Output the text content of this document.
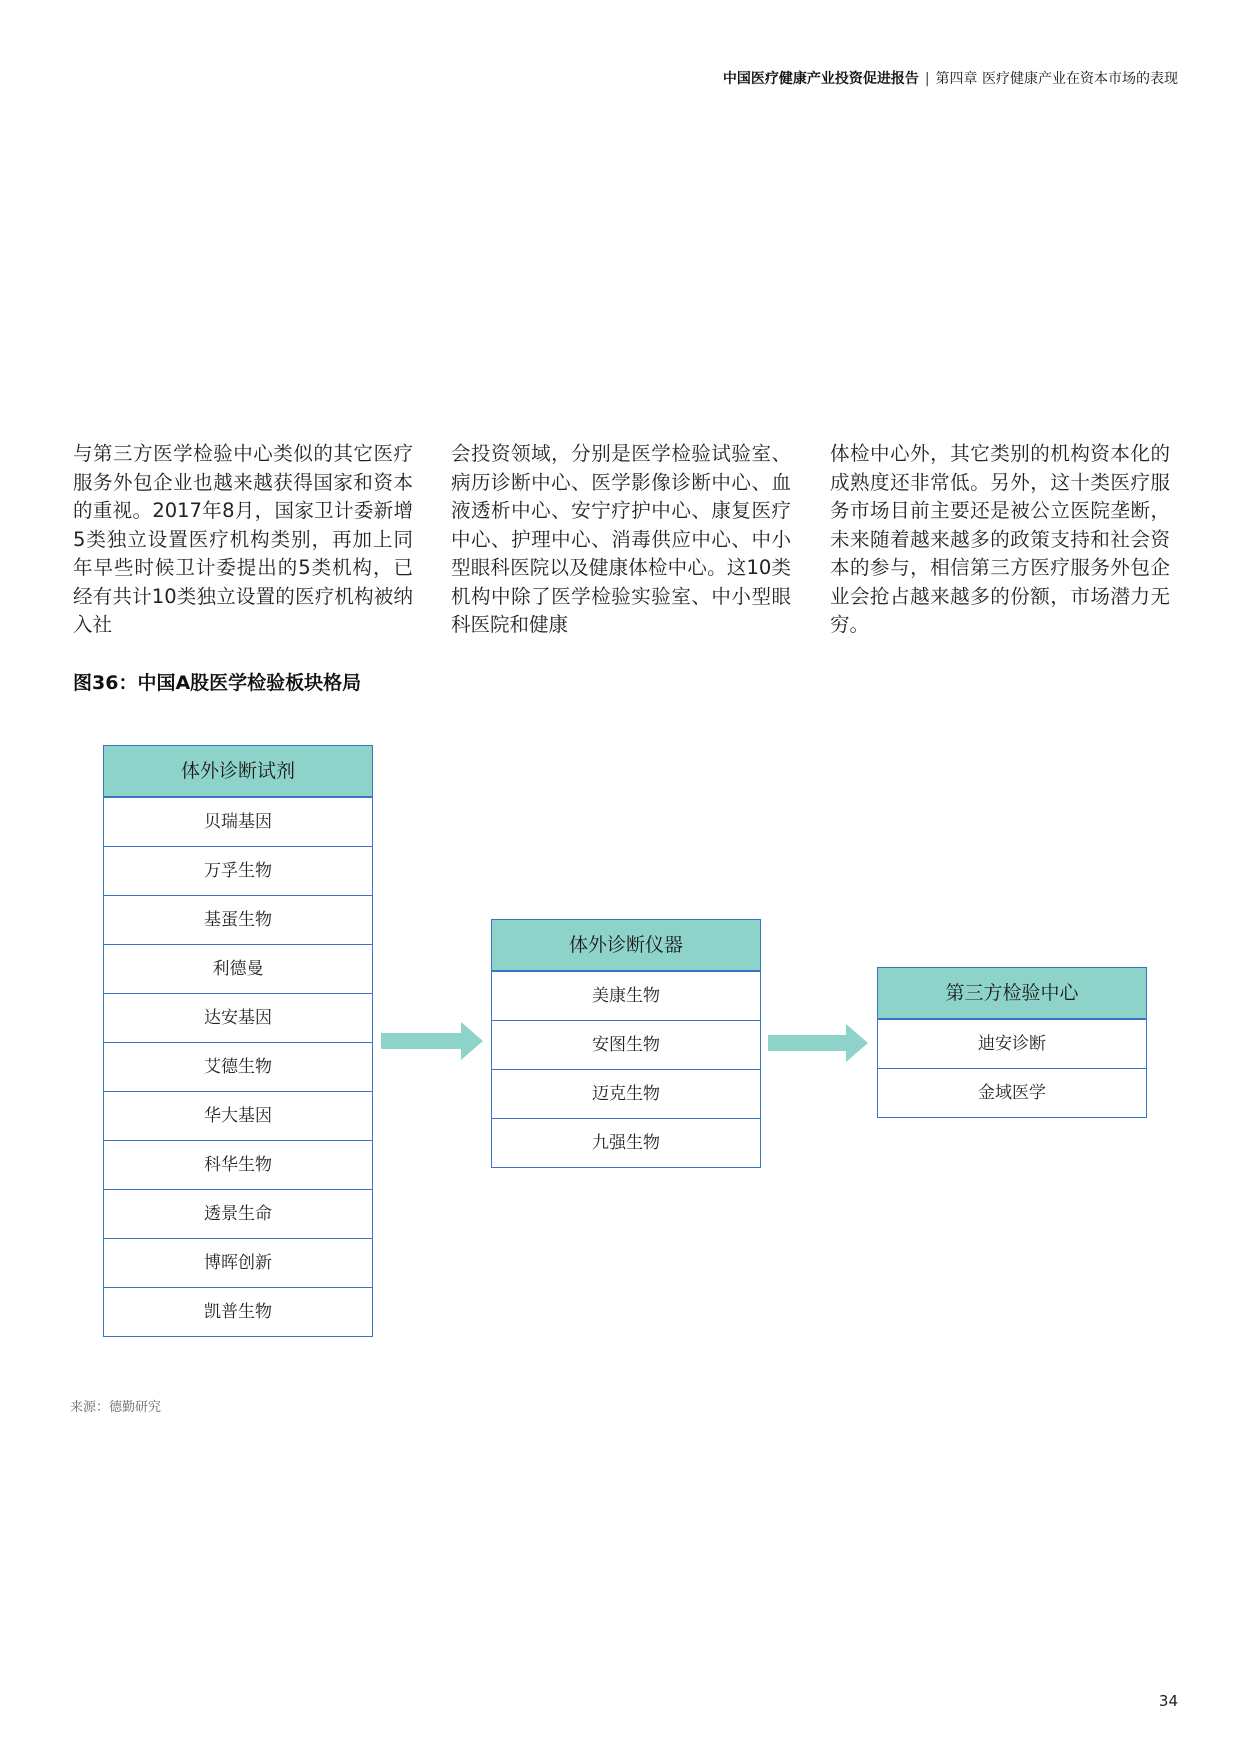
中国医疗健康产业投资促进报告 | 第四章 医疗健康产业在资本市场的表现
与第三方医学检验中心类似的其它医疗服务外包企业也越来越获得国家和资本的重视。2017年8月，国家卫计委新增5类独立设置医疗机构类别，再加上同年早些时候卫计委提出的5类机构，已经有共计10类独立设置的医疗机构被纳入社
会投资领域，分别是医学检验试验室、病历诊断中心、医学影像诊断中心、血液透析中心、安宁疗护中心、康复医疗中心、护理中心、消毒供应中心、中小型眼科医院以及健康体检中心。这10类机构中除了医学检验实验室、中小型眼科医院和健康
体检中心外，其它类别的机构资本化的成熟度还非常低。另外，这十类医疗服务市场目前主要还是被公立医院垄断，未来随着越来越多的政策支持和社会资本的参与，相信第三方医疗服务外包企业会抢占越来越多的份额，市场潜力无穷。
图36：中国A股医学检验板块格局
体外诊断试剂
贝瑞基因
万孚生物
基蛋生物
利德曼
达安基因
艾德生物
华大基因
科华生物
透景生命
博晖创新
凯普生物
体外诊断仪器
美康生物
安图生物
迈克生物
九强生物
第三方检验中心
迪安诊断
金域医学
来源：德勤研究
34
